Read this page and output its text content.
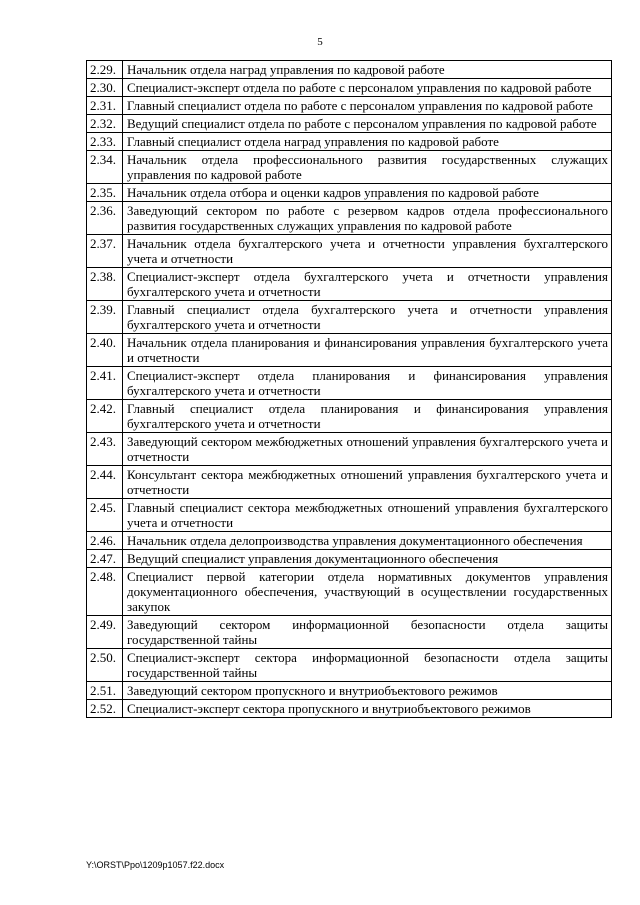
5
2.29.	Начальник отдела наград управления по кадровой работе
2.30.	Специалист-эксперт отдела по работе с персоналом управления по кадровой работе
2.31.	Главный специалист отдела по работе с персоналом управления по кадровой работе
2.32.	Ведущий специалист отдела по работе с персоналом управления по кадровой работе
2.33.	Главный специалист отдела наград управления по кадровой работе
2.34.	Начальник отдела профессионального развития государственных служащих управления по кадровой работе
2.35.	Начальник отдела отбора и оценки кадров управления по кадровой работе
2.36.	Заведующий сектором по работе с резервом кадров отдела профессионального развития государственных служащих управления по кадровой работе
2.37.	Начальник отдела бухгалтерского учета и отчетности управления бухгалтерского учета и отчетности
2.38.	Специалист-эксперт отдела бухгалтерского учета и отчетности управления бухгалтерского учета и отчетности
2.39.	Главный специалист отдела бухгалтерского учета и отчетности управления бухгалтерского учета и отчетности
2.40.	Начальник отдела планирования и финансирования управления бухгалтерского учета и отчетности
2.41.	Специалист-эксперт отдела планирования и финансирования управления бухгалтерского учета и отчетности
2.42.	Главный специалист отдела планирования и финансирования управления бухгалтерского учета и отчетности
2.43.	Заведующий сектором межбюджетных отношений управления бухгалтерского учета и отчетности
2.44.	Консультант сектора межбюджетных отношений управления бухгалтерского учета и отчетности
2.45.	Главный специалист сектора межбюджетных отношений управления бухгалтерского учета и отчетности
2.46.	Начальник отдела делопроизводства управления документационного обеспечения
2.47.	Ведущий специалист управления документационного обеспечения
2.48.	Специалист первой категории отдела нормативных документов управления документационного обеспечения, участвующий в осуществлении государственных закупок
2.49.	Заведующий сектором информационной безопасности отдела защиты государственной тайны
2.50.	Специалист-эксперт сектора информационной безопасности отдела защиты государственной тайны
2.51.	Заведующий сектором пропускного и внутриобъектового режимов
2.52.	Специалист-эксперт сектора пропускного и внутриобъектового режимов
Y:\ORST\Ppo\1209p1057.f22.docx
